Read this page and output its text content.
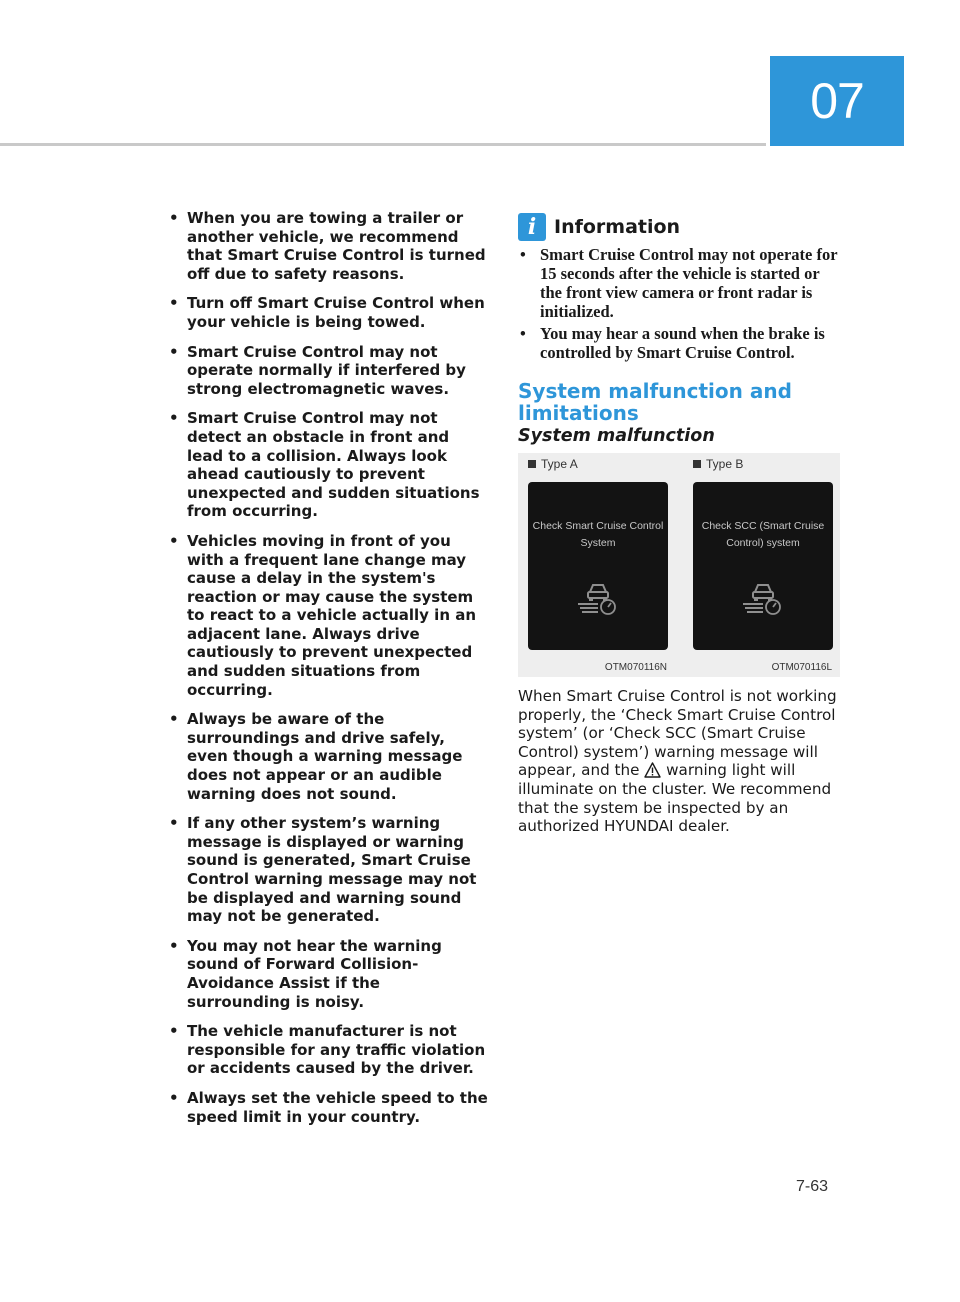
07
• When you are towing a trailer or another vehicle, we recommend that Smart Cruise Control is turned off due to safety reasons.
• Turn off Smart Cruise Control when your vehicle is being towed.
• Smart Cruise Control may not operate normally if interfered by strong electromagnetic waves.
• Smart Cruise Control may not detect an obstacle in front and lead to a collision. Always look ahead cautiously to prevent unexpected and sudden situations from occurring.
• Vehicles moving in front of you with a frequent lane change may cause a delay in the system's reaction or may cause the system to react to a vehicle actually in an adjacent lane. Always drive cautiously to prevent unexpected and sudden situations from occurring.
• Always be aware of the surroundings and drive safely, even though a warning message does not appear or an audible warning does not sound.
• If any other system’s warning message is displayed or warning sound is generated, Smart Cruise Control warning message may not be displayed and warning sound may not be generated.
• You may not hear the warning sound of Forward Collision-Avoidance Assist if the surrounding is noisy.
• The vehicle manufacturer is not responsible for any traffic violation or accidents caused by the driver.
• Always set the vehicle speed to the speed limit in your country.
i Information
• Smart Cruise Control may not operate for 15 seconds after the vehicle is started or the front view camera or front radar is initialized.
• You may hear a sound when the brake is controlled by Smart Cruise Control.
System malfunction and limitations
System malfunction
Type A
Check Smart Cruise Control System
OTM070116N
Type B
Check SCC (Smart Cruise Control) system
OTM070116L

When Smart Cruise Control is not working properly, the ‘Check Smart Cruise Control system’ (or ‘Check SCC (Smart Cruise Control) system’) warning message will appear, and the warning light will illuminate on the cluster. We recommend that the system be inspected by an authorized HYUNDAI dealer.

7-63
